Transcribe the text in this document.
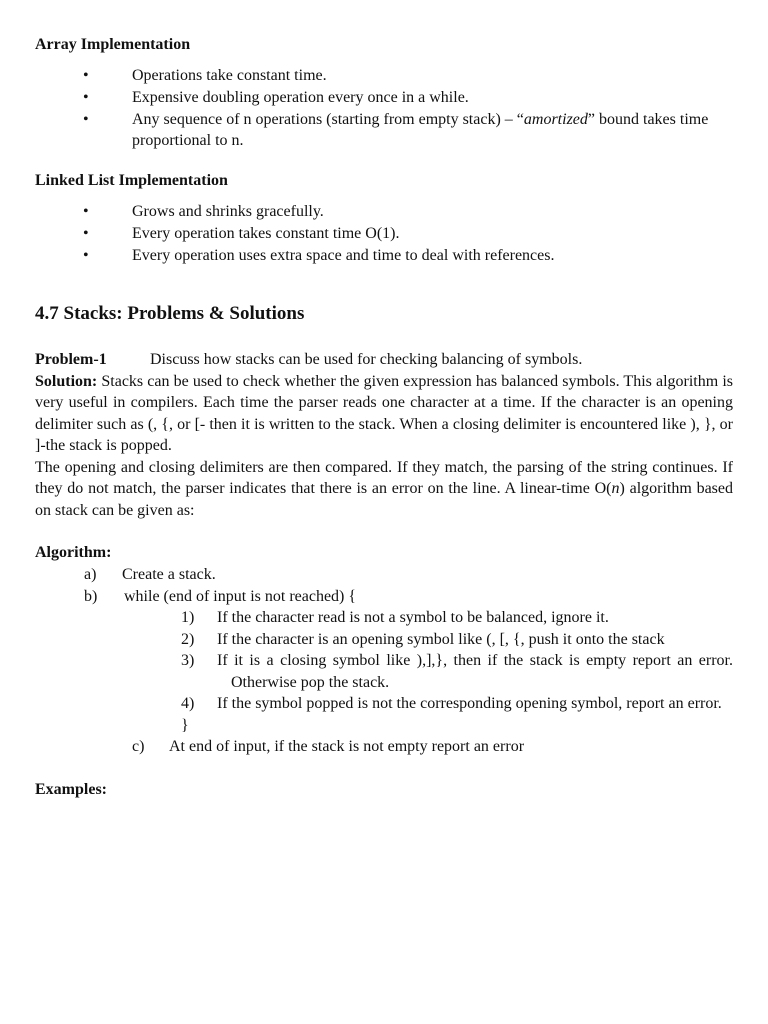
Array Implementation
•	Operations take constant time.
•	Expensive doubling operation every once in a while.
•	Any sequence of n operations (starting from empty stack) – “amortized” bound takes time proportional to n.
Linked List Implementation
•	Grows and shrinks gracefully.
•	Every operation takes constant time O(1).
•	Every operation uses extra space and time to deal with references.
4.7 Stacks: Problems & Solutions
Problem-1	Discuss how stacks can be used for checking balancing of symbols.

Solution: Stacks can be used to check whether the given expression has balanced symbols. This algorithm is very useful in compilers. Each time the parser reads one character at a time. If the character is an opening delimiter such as (, {, or [- then it is written to the stack. When a closing delimiter is encountered like ), }, or ]-the stack is popped.

The opening and closing delimiters are then compared. If they match, the parsing of the string continues. If they do not match, the parser indicates that there is an error on the line. A linear-time O(n) algorithm based on stack can be given as:

Algorithm:
a) Create a stack.
b) while (end of input is not reached) {
1) If the character read is not a symbol to be balanced, ignore it.
2) If the character is an opening symbol like (, [, {, push it onto the stack
3) If it is a closing symbol like ),],}, then if the stack is empty report an error. Otherwise pop the stack.
4) If the symbol popped is not the corresponding opening symbol, report an error.
}
c) At end of input, if the stack is not empty report an error
Examples:
